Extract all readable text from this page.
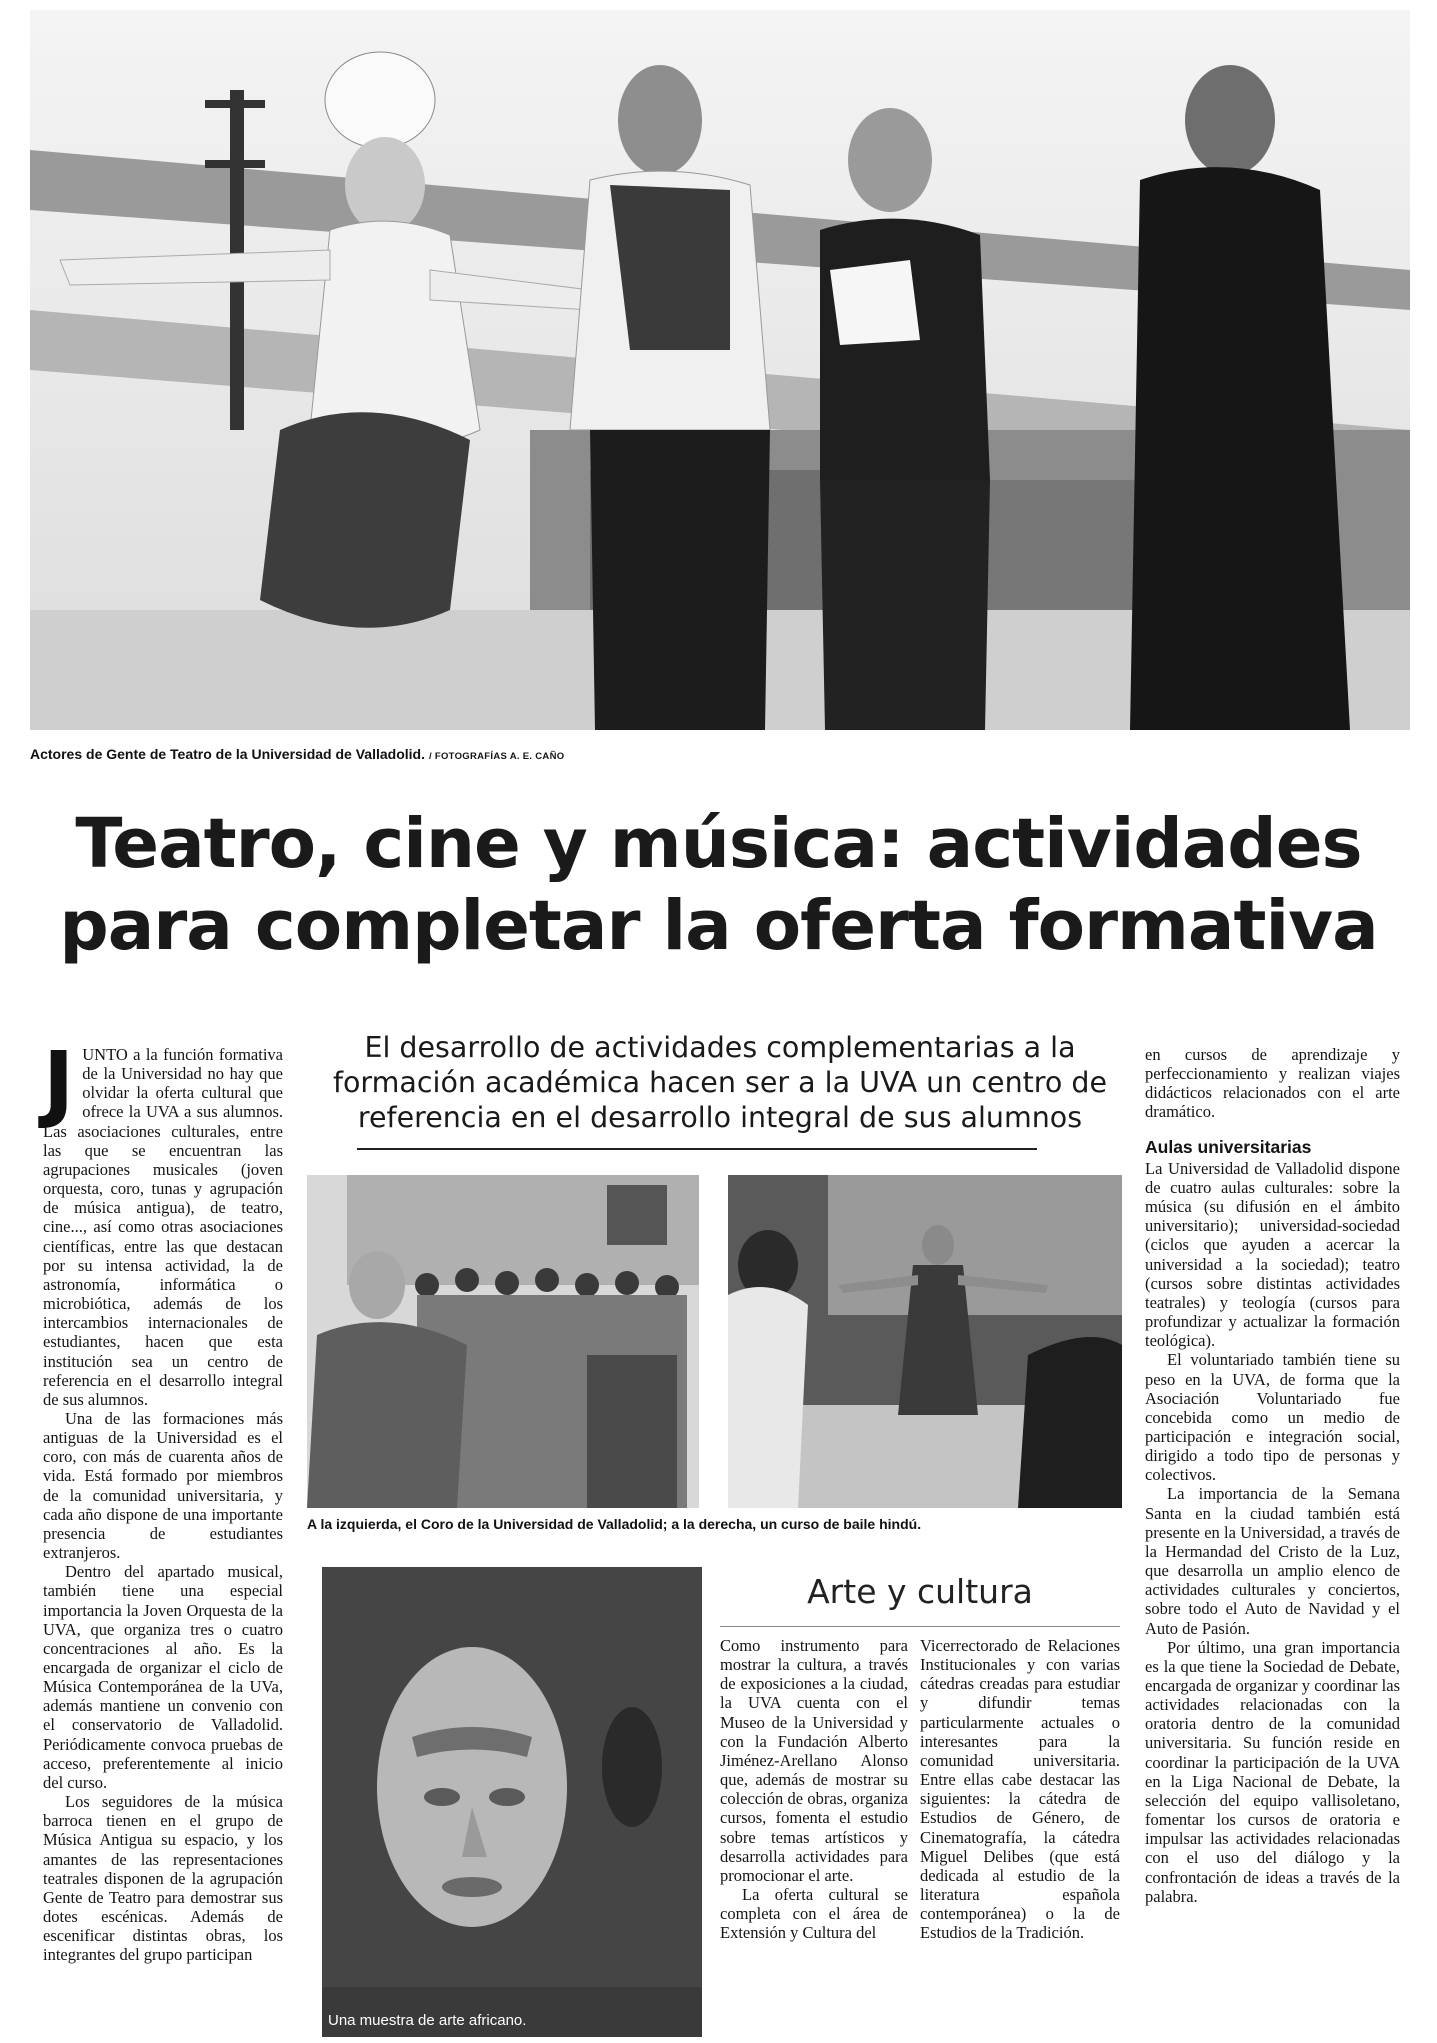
Actores de Gente de Teatro de la Universidad de Valladolid. / FOTOGRAFÍAS A. E. CAÑO
Teatro, cine y música: actividades
para completar la oferta formativa
El desarrollo de actividades complementarias a la
formación académica hacen ser a la UVA un centro de
referencia en el desarrollo integral de sus alumnos

JUNTO a la función formativa de la Universidad no hay que olvidar la oferta cultural que ofrece la UVA a sus alumnos. Las asociaciones culturales, entre las que se encuentran las agrupaciones musicales (joven orquesta, coro, tunas y agrupación de música antigua), de teatro, cine..., así como otras asociaciones científicas, entre las que destacan por su intensa actividad, la de astronomía, informática o microbiótica, además de los intercambios internacionales de estudiantes, hacen que esta institución sea un centro de referencia en el desarrollo integral de sus alumnos.

Una de las formaciones más antiguas de la Universidad es el coro, con más de cuarenta años de vida. Está formado por miembros de la comunidad universitaria, y cada año dispone de una importante presencia de estudiantes extranjeros.

Dentro del apartado musical, también tiene una especial importancia la Joven Orquesta de la UVA, que organiza tres o cuatro concentraciones al año. Es la encargada de organizar el ciclo de Música Contemporánea de la UVa, además mantiene un convenio con el conservatorio de Valladolid. Periódicamente convoca pruebas de acceso, preferentemente al inicio del curso.

Los seguidores de la música barroca tienen en el grupo de Música Antigua su espacio, y los amantes de las representaciones teatrales disponen de la agrupación Gente de Teatro para demostrar sus dotes escénicas. Además de escenificar distintas obras, los integrantes del grupo participan

A la izquierda, el Coro de la Universidad de Valladolid; a la derecha, un curso de baile hindú.
Una muestra de arte africano.
Arte y cultura

Como instrumento para mostrar la cultura, a través de exposiciones a la ciudad, la UVA cuenta con el Museo de la Universidad y con la Fundación Alberto Jiménez-Arellano Alonso que, además de mostrar su colección de obras, organiza cursos, fomenta el estudio sobre temas artísticos y desarrolla actividades para promocionar el arte.

La oferta cultural se completa con el área de Extensión y Cultura del

Vicerrectorado de Relaciones Institucionales y con varias cátedras creadas para estudiar y difundir temas particularmente actuales o interesantes para la comunidad universitaria. Entre ellas cabe destacar las siguientes: la cátedra de Estudios de Género, de Cinematografía, la cátedra Miguel Delibes (que está dedicada al estudio de la literatura española contemporánea) o la de Estudios de la Tradición.

en cursos de aprendizaje y perfeccionamiento y realizan viajes didácticos relacionados con el arte dramático.

Aulas universitarias

La Universidad de Valladolid dispone de cuatro aulas culturales: sobre la música (su difusión en el ámbito universitario); universidad-sociedad (ciclos que ayuden a acercar la universidad a la sociedad); teatro (cursos sobre distintas actividades teatrales) y teología (cursos para profundizar y actualizar la formación teológica).

El voluntariado también tiene su peso en la UVA, de forma que la Asociación Voluntariado fue concebida como un medio de participación e integración social, dirigido a todo tipo de personas y colectivos.

La importancia de la Semana Santa en la ciudad también está presente en la Universidad, a través de la Hermandad del Cristo de la Luz, que desarrolla un amplio elenco de actividades culturales y conciertos, sobre todo el Auto de Navidad y el Auto de Pasión.

Por último, una gran importancia es la que tiene la Sociedad de Debate, encargada de organizar y coordinar las actividades relacionadas con la oratoria dentro de la comunidad universitaria. Su función reside en coordinar la participación de la UVA en la Liga Nacional de Debate, la selección del equipo vallisoletano, fomentar los cursos de oratoria e impulsar las actividades relacionadas con el uso del diálogo y la confrontación de ideas a través de la palabra.
